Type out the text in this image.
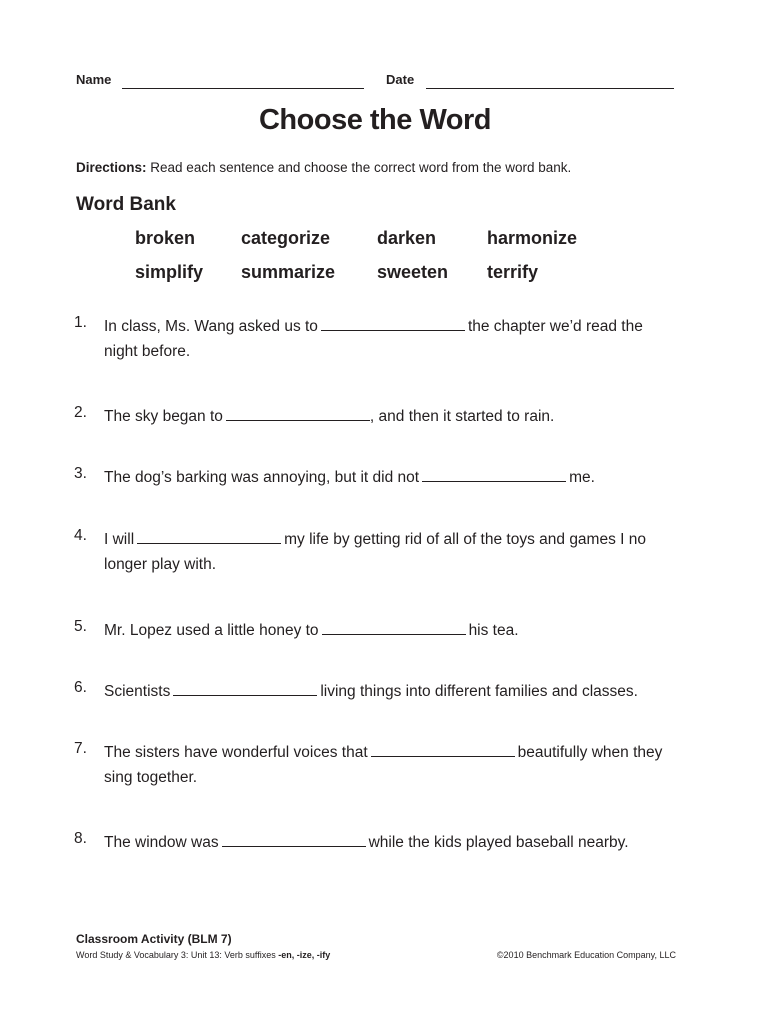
Name	Date
Choose the Word
Directions: Read each sentence and choose the correct word from the word bank.
Word Bank
broken	categorize	darken	harmonize
simplify summarize sweeten terrify
1. In class, Ms. Wang asked us to	the chapter we’d read the
night before.
2. The sky began to	, and then it started to rain.
3. The dog’s barking was annoying, but it did not	me.
4. I will	my life by getting rid of all of the toys and games I no
longer play with.
5. Mr. Lopez used a little honey to	his tea.
6. Scientists	living things into different families and classes.
7. The sisters have wonderful voices that	beautifully when they
sing together.
8. The window was	while the kids played baseball nearby.
Classroom Activity (BLM 7)
Word Study & Vocabulary 3: Unit 13: Verb suffixes -en, -ize, -ify	©2010 Benchmark Education Company, LLC
